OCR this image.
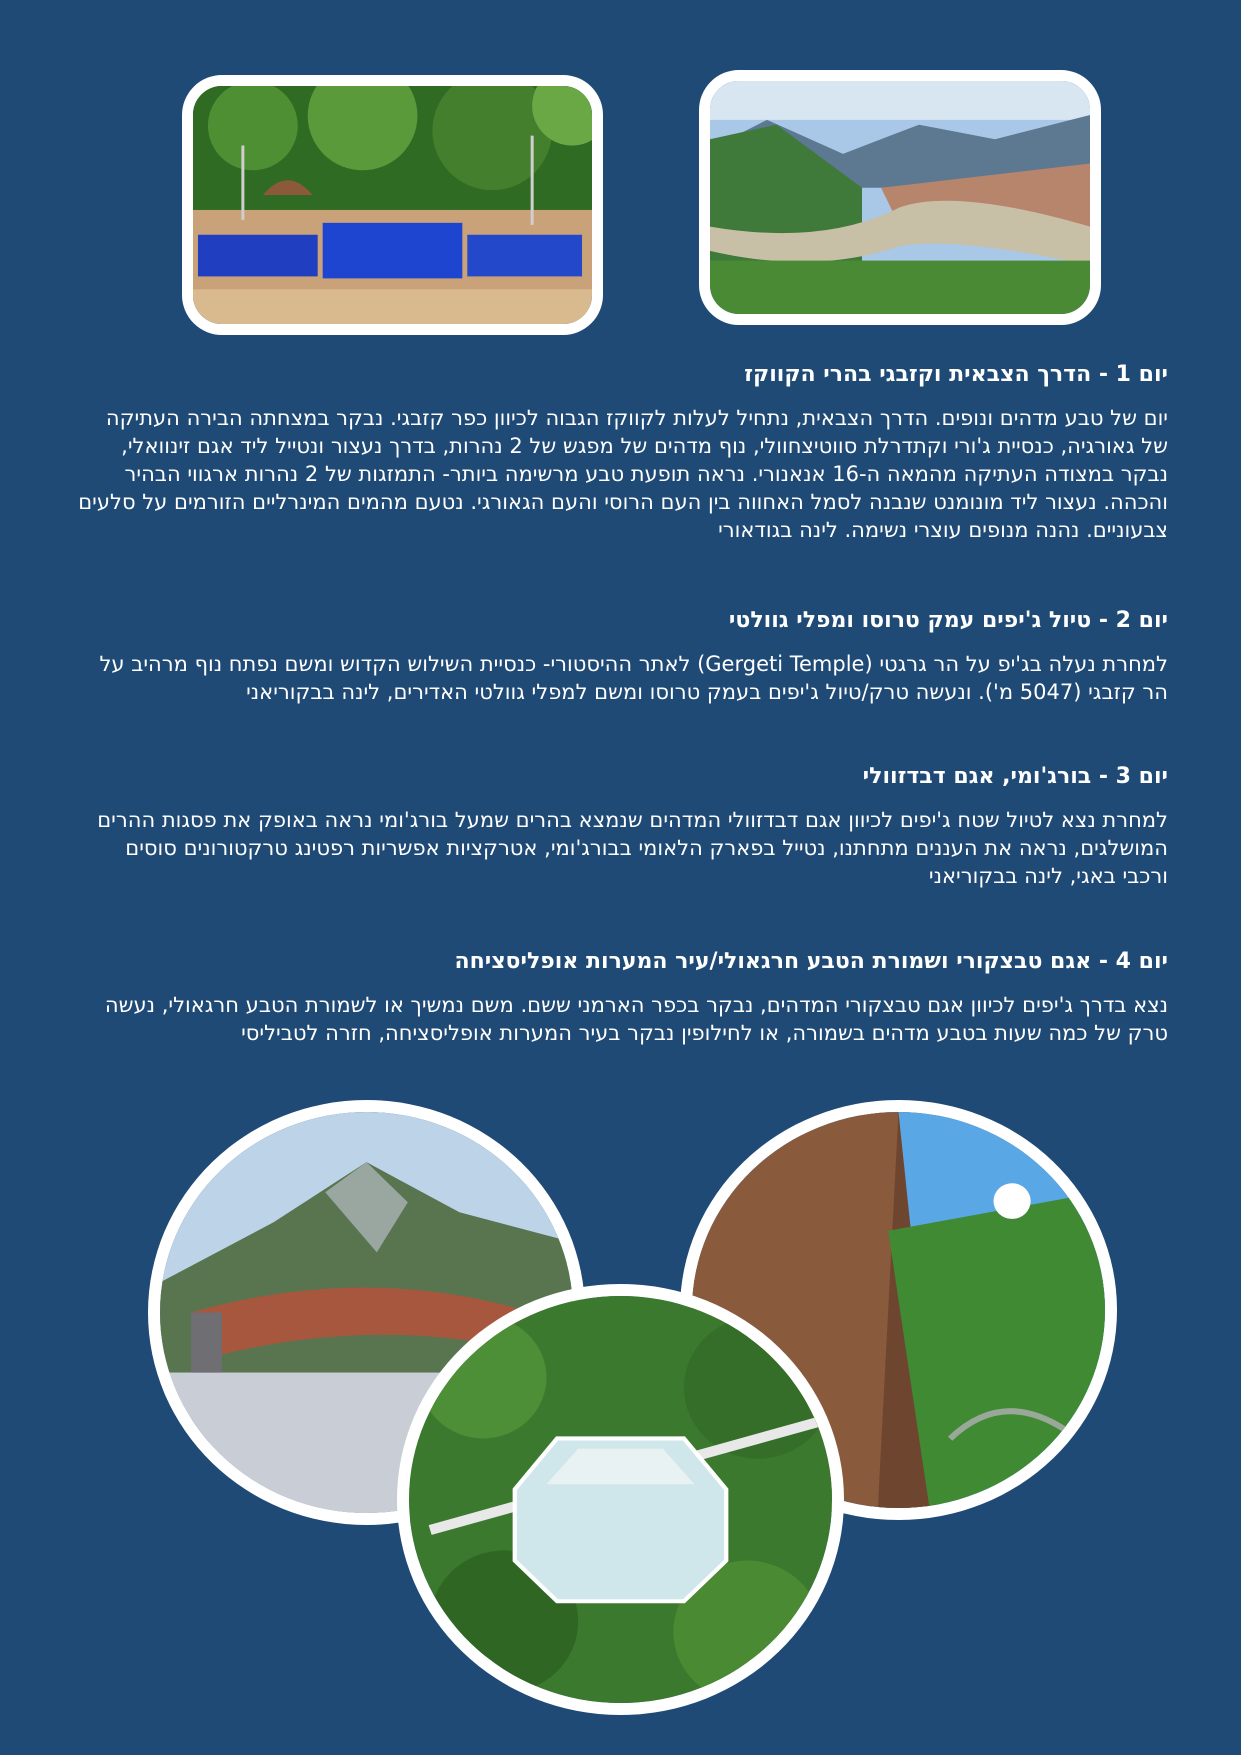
יום 1 - הדרך הצבאית וקזבגי בהרי הקווקז

יום של טבע מדהים ונופים. הדרך הצבאית, נתחיל לעלות לקווקז הגבוה לכיוון כפר קזבגי. נבקר במצחתה הבירה העתיקה של גאורגיה, כנסיית ג'ורי וקתדרלת סווטיצחוולי, נוף מדהים של מפגש של 2 נהרות, בדרך נעצור ונטייל ליד אגם זינוואלי, נבקר במצודה העתיקה מהמאה ה-16 אנאנורי. נראה תופעת טבע מרשימה ביותר- התמזגות של 2 נהרות ארגווי הבהיר והכהה. נעצור ליד מונומנט שנבנה לסמל האחווה בין העם הרוסי והעם הגאורגי. נטעם מהמים המינרליים הזורמים על סלעים צבעוניים. נהנה מנופים עוצרי נשימה. לינה בגודאורי

יום 2 - טיול ג'יפים עמק טרוסו ומפלי גוולטי

למחרת נעלה בג'יפ על הר גרגטי (Gergeti Temple) לאתר ההיסטורי- כנסיית השילוש הקדוש ומשם נפתח נוף מרהיב על הר קזבגי (5047 מ'). ונעשה טרק/טיול ג'יפים בעמק טרוסו ומשם למפלי גוולטי האדירים, לינה בבקוריאני

יום 3 - בורג'ומי, אגם דבדזוולי

למחרת נצא לטיול שטח ג'יפים לכיוון אגם דבדזוולי המדהים שנמצא בהרים שמעל בורג'ומי נראה באופק את פסגות ההרים המושלגים, נראה את העננים מתחתנו, נטייל בפארק הלאומי בבורג'ומי, אטרקציות אפשריות רפטינג טרקטורונים סוסים ורכבי באגי, לינה בבקוריאני

יום 4 - אגם טבצקורי ושמורת הטבע חרגאולי/עיר המערות אופליסציחה

נצא בדרך ג'יפים לכיוון אגם טבצקורי המדהים, נבקר בכפר הארמני ששם. משם נמשיך או לשמורת הטבע חרגאולי, נעשה טרק של כמה שעות בטבע מדהים בשמורה, או לחילופין נבקר בעיר המערות אופליסציחה, חזרה לטביליסי
